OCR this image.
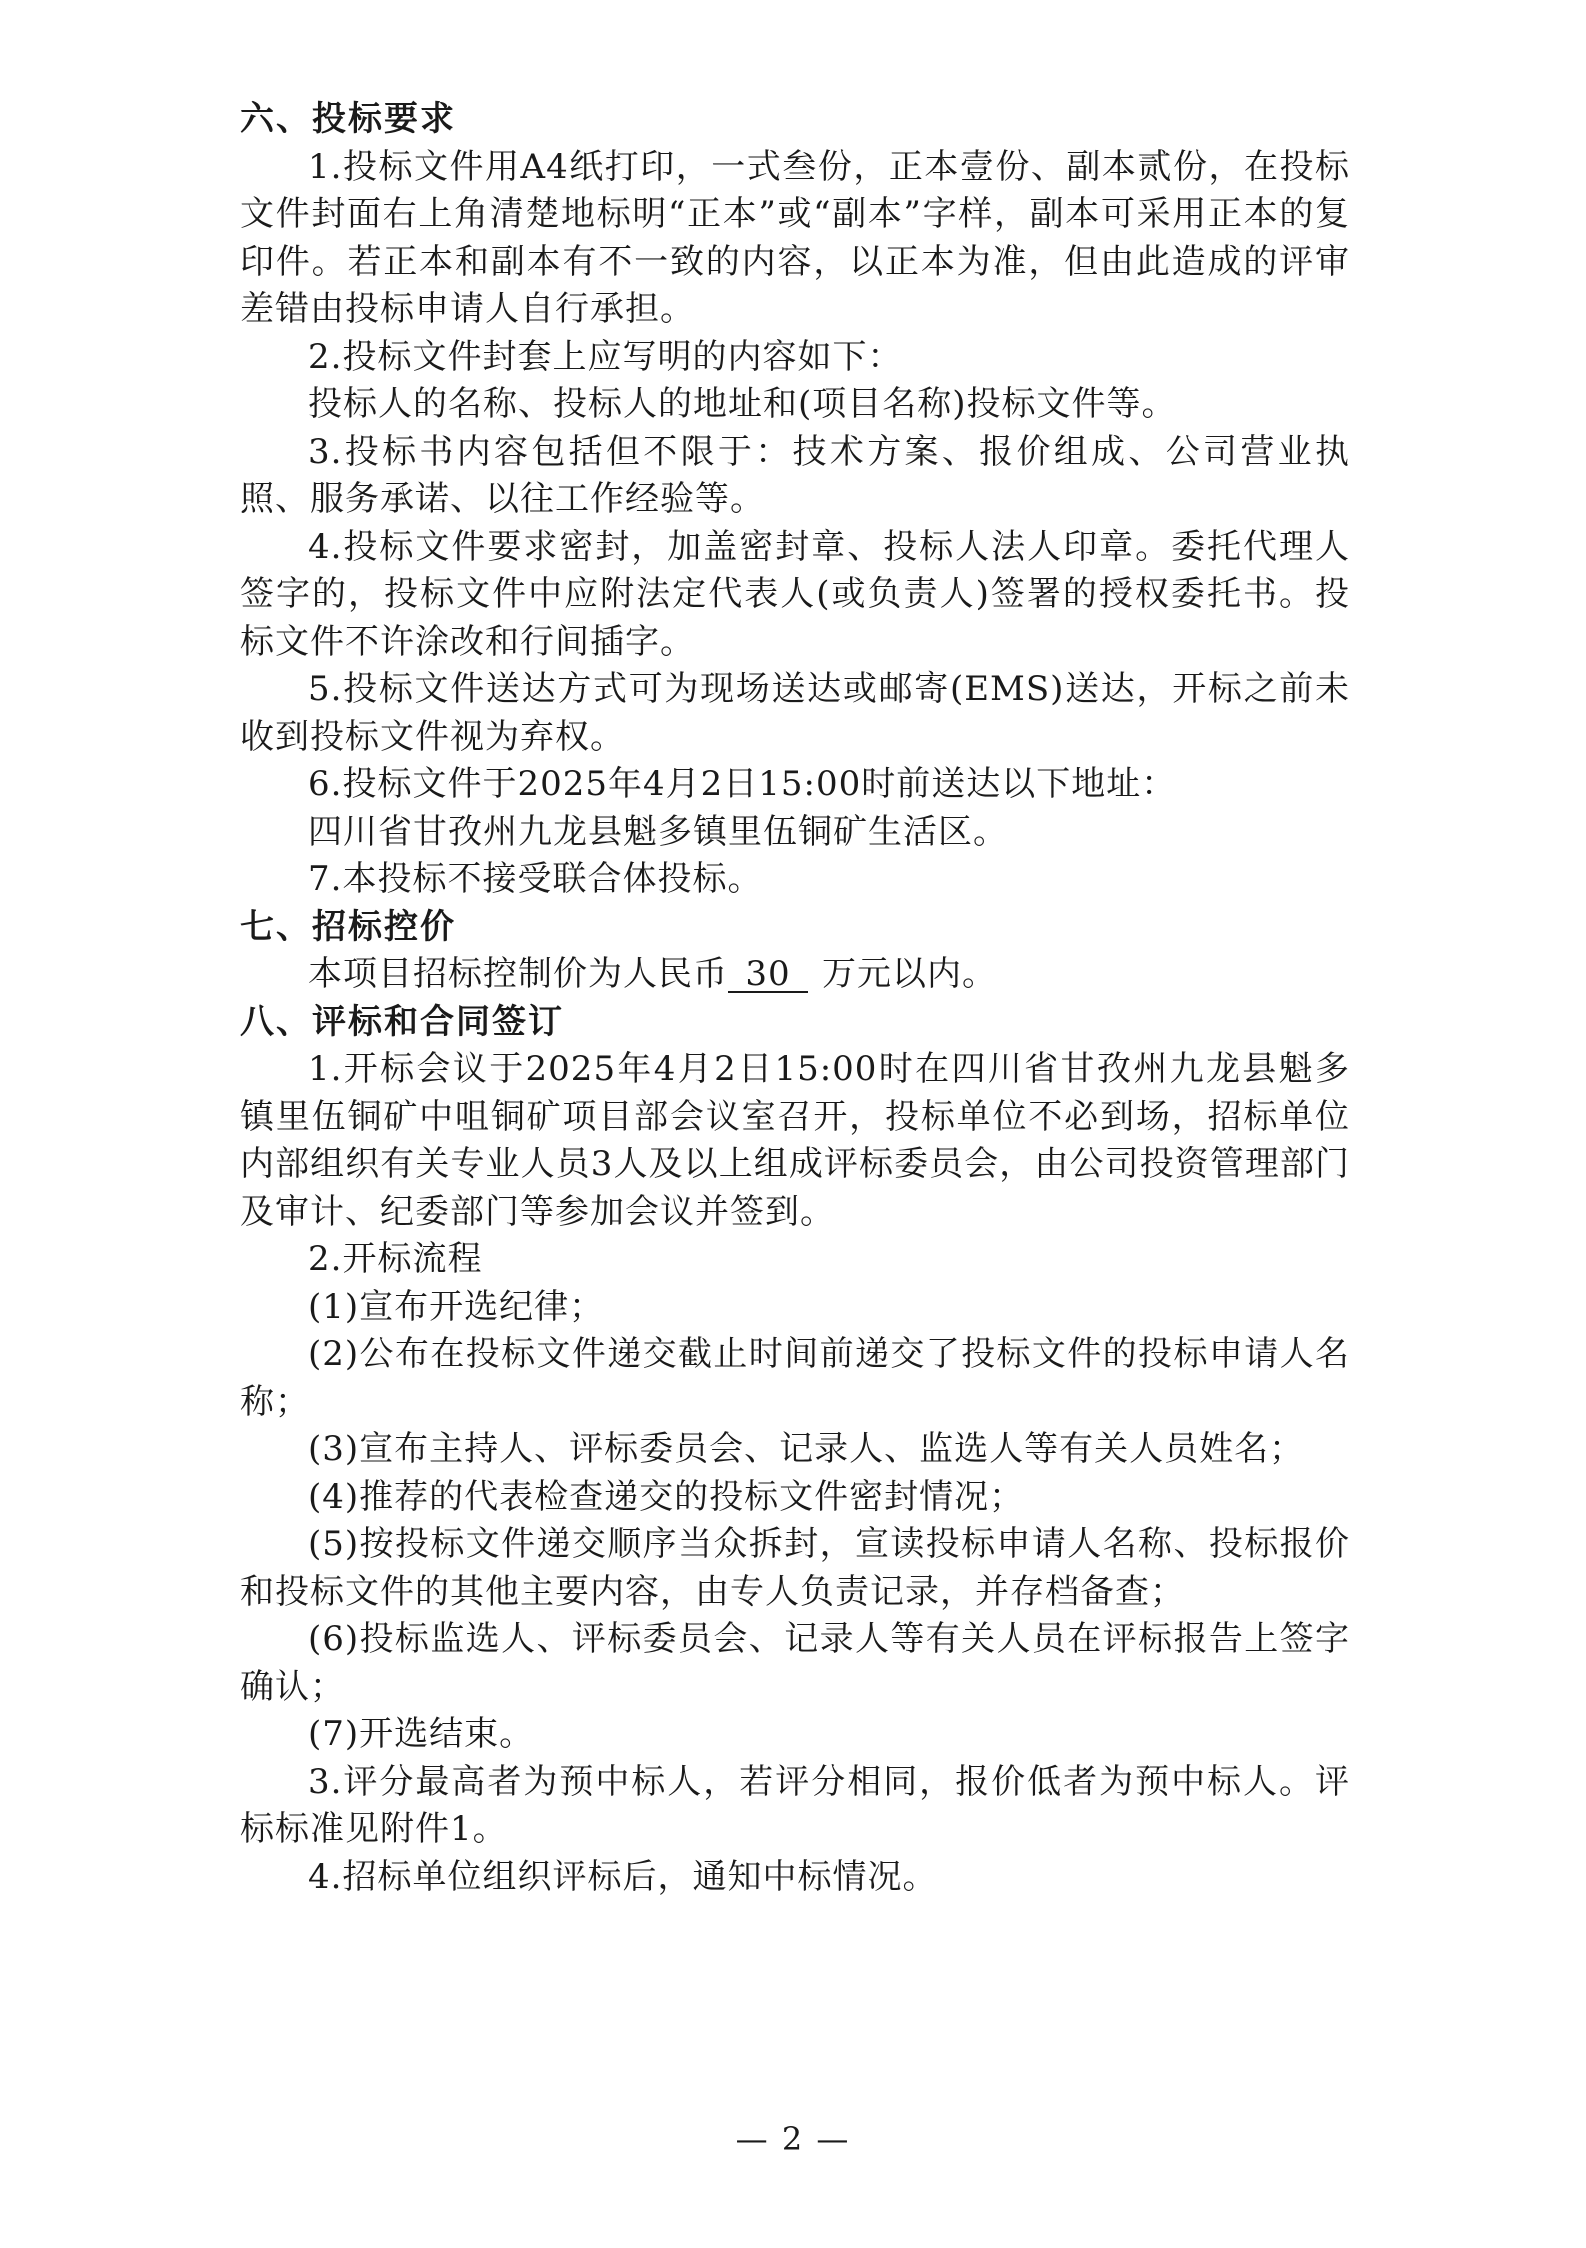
六、投标要求

1.投标文件用A4纸打印，一式叁份，正本壹份、副本贰份，在投标文件封面右上角清楚地标明“正本”或“副本”字样，副本可采用正本的复印件。若正本和副本有不一致的内容，以正本为准，但由此造成的评审差错由投标申请人自行承担。

2.投标文件封套上应写明的内容如下：

投标人的名称、投标人的地址和(项目名称)投标文件等。

3.投标书内容包括但不限于：技术方案、报价组成、公司营业执照、服务承诺、以往工作经验等。

4.投标文件要求密封，加盖密封章、投标人法人印章。委托代理人签字的，投标文件中应附法定代表人(或负责人)签署的授权委托书。投标文件不许涂改和行间插字。

5.投标文件送达方式可为现场送达或邮寄(EMS)送达，开标之前未收到投标文件视为弃权。

6.投标文件于2025年4月2日15:00时前送达以下地址：

四川省甘孜州九龙县魁多镇里伍铜矿生活区。

7.本投标不接受联合体投标。

七、招标控价

本项目招标控制价为人民币 30 万元以内。

八、评标和合同签订

1.开标会议于2025年4月2日15:00时在四川省甘孜州九龙县魁多镇里伍铜矿中咀铜矿项目部会议室召开，投标单位不必到场，招标单位内部组织有关专业人员3人及以上组成评标委员会，由公司投资管理部门及审计、纪委部门等参加会议并签到。

2.开标流程

(1)宣布开选纪律；

(2)公布在投标文件递交截止时间前递交了投标文件的投标申请人名称；

(3)宣布主持人、评标委员会、记录人、监选人等有关人员姓名；

(4)推荐的代表检查递交的投标文件密封情况；

(5)按投标文件递交顺序当众拆封，宣读投标申请人名称、投标报价和投标文件的其他主要内容，由专人负责记录，并存档备查；

(6)投标监选人、评标委员会、记录人等有关人员在评标报告上签字确认；

(7)开选结束。

3.评分最高者为预中标人，若评分相同，报价低者为预中标人。评标标准见附件1。

4.招标单位组织评标后，通知中标情况。

— 2 —
